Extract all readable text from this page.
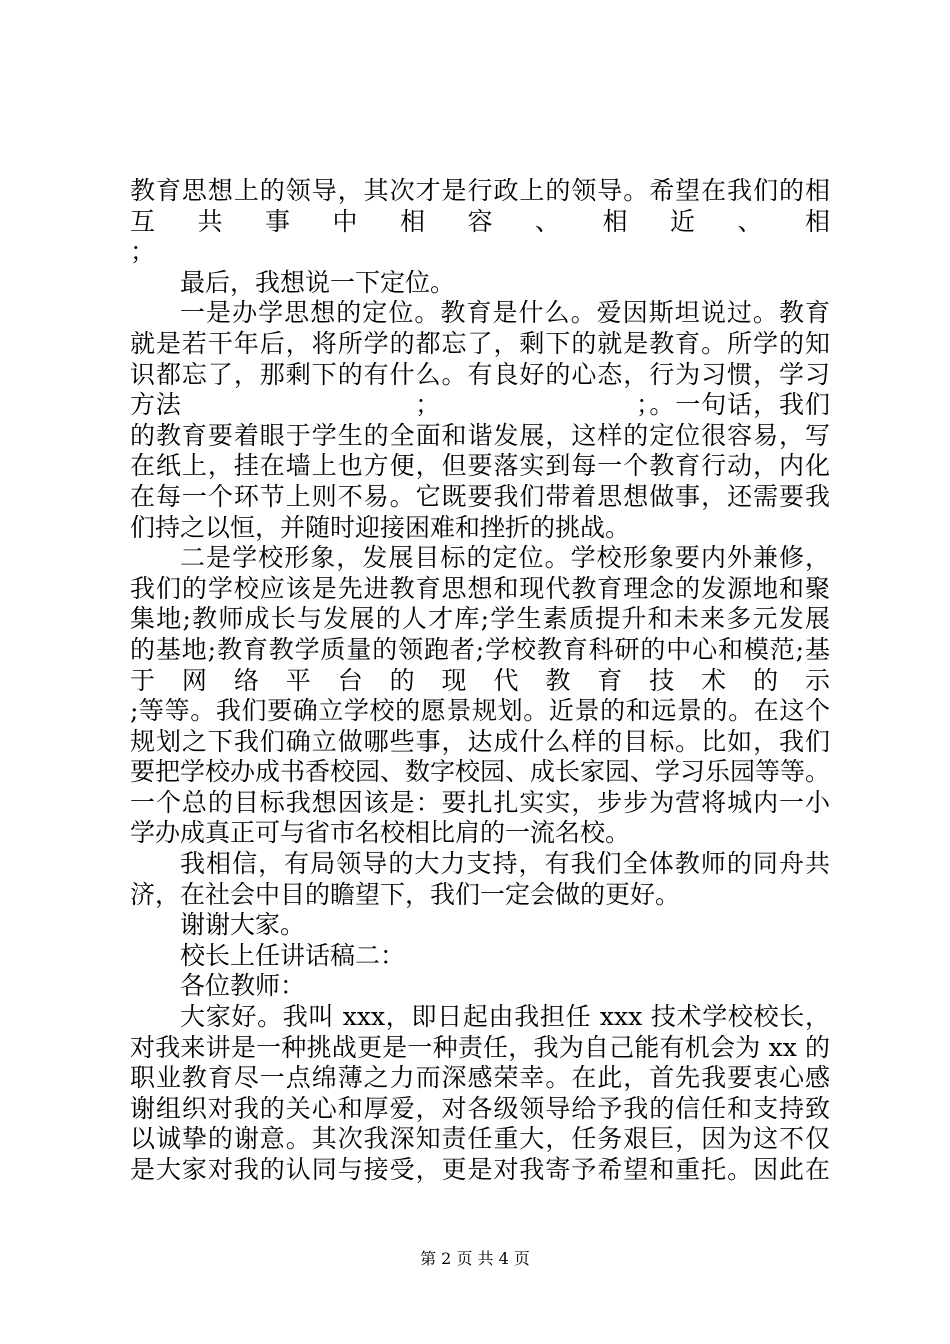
教育思想上的领导，其次才是行政上的领导。希望在我们的相
互 共 事 中 相 容 、 相 近 、 相 　　　　　　　　　　　　
；
最后，我想说一下定位。
一是办学思想的定位。教育是什么。爱因斯坦说过。教育
就是若干年后，将所学的都忘了，剩下的就是教育。所学的知
识都忘了，那剩下的有什么。有良好的心态，行为习惯，学习
方法　　　　　　　　　；　　　　　　　　；。一句话，我们
的教育要着眼于学生的全面和谐发展，这样的定位很容易，写
在纸上，挂在墙上也方便，但要落实到每一个教育行动，内化
在每一个环节上则不易。它既要我们带着思想做事，还需要我
们持之以恒，并随时迎接困难和挫折的挑战。
二是学校形象，发展目标的定位。学校形象要内外兼修，
我们的学校应该是先进教育思想和现代教育理念的发源地和聚
集地;教师成长与发展的人才库;学生素质提升和未来多元发展
的基地;教育教学质量的领跑者;学校教育科研的中心和模范;基
于 网 络 平 台 的 现 代 教 育 技 术 的 示 　　　　　　　　
;等等。我们要确立学校的愿景规划。近景的和远景的。在这个
规划之下我们确立做哪些事，达成什么样的目标。比如，我们
要把学校办成书香校园、数字校园、成长家园、学习乐园等等。
一个总的目标我想因该是：要扎扎实实，步步为营将城内一小
学办成真正可与省市名校相比肩的一流名校。
我相信，有局领导的大力支持，有我们全体教师的同舟共
济，在社会中目的瞻望下，我们一定会做的更好。
谢谢大家。
校长上任讲话稿二：
各位教师：
大家好。我叫 xxx，即日起由我担任 xxx 技术学校校长，
对我来讲是一种挑战更是一种责任，我为自己能有机会为 xx 的
职业教育尽一点绵薄之力而深感荣幸。在此，首先我要衷心感
谢组织对我的关心和厚爱，对各级领导给予我的信任和支持致
以诚挚的谢意。其次我深知责任重大，任务艰巨，因为这不仅
是大家对我的认同与接受，更是对我寄予希望和重托。因此在
第 2 页 共 4 页
